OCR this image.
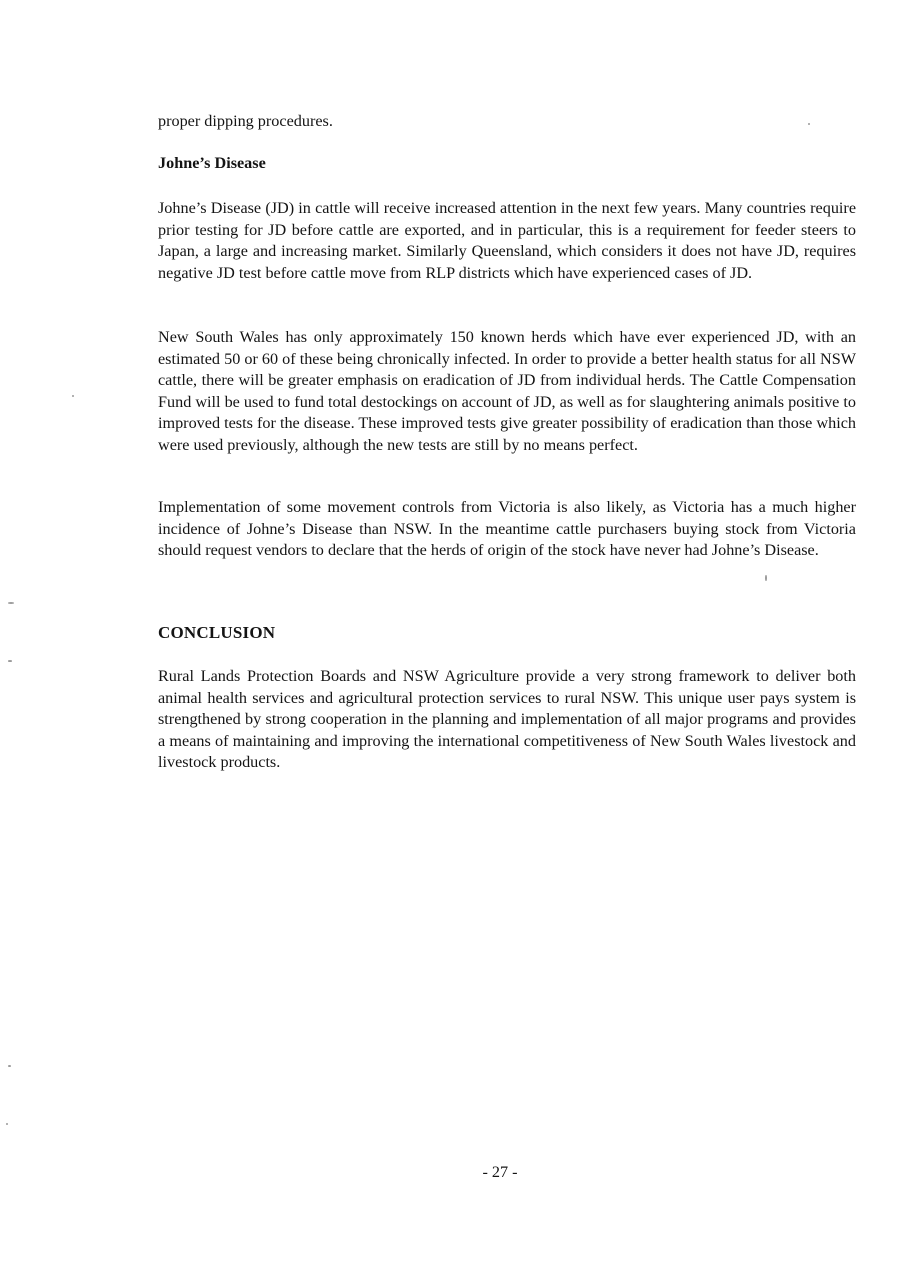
proper dipping procedures.

Johne’s Disease

Johne’s Disease (JD) in cattle will receive increased attention in the next few years. Many countries require prior testing for JD before cattle are exported, and in particular, this is a requirement for feeder steers to Japan, a large and increasing market. Similarly Queensland, which considers it does not have JD, requires negative JD test before cattle move from RLP districts which have experienced cases of JD.

New South Wales has only approximately 150 known herds which have ever experienced JD, with an estimated 50 or 60 of these being chronically infected. In order to provide a better health status for all NSW cattle, there will be greater emphasis on eradication of JD from individual herds. The Cattle Compensation Fund will be used to fund total destockings on account of JD, as well as for slaughtering animals positive to improved tests for the disease. These improved tests give greater possibility of eradication than those which were used previously, although the new tests are still by no means perfect.

Implementation of some movement controls from Victoria is also likely, as Victoria has a much higher incidence of Johne’s Disease than NSW. In the meantime cattle purchasers buying stock from Victoria should request vendors to declare that the herds of origin of the stock have never had Johne’s Disease.

CONCLUSION

Rural Lands Protection Boards and NSW Agriculture provide a very strong framework to deliver both animal health services and agricultural protection services to rural NSW. This unique user pays system is strengthened by strong cooperation in the planning and implementation of all major programs and provides a means of maintaining and improving the international competitiveness of New South Wales livestock and livestock products.

- 27 -
